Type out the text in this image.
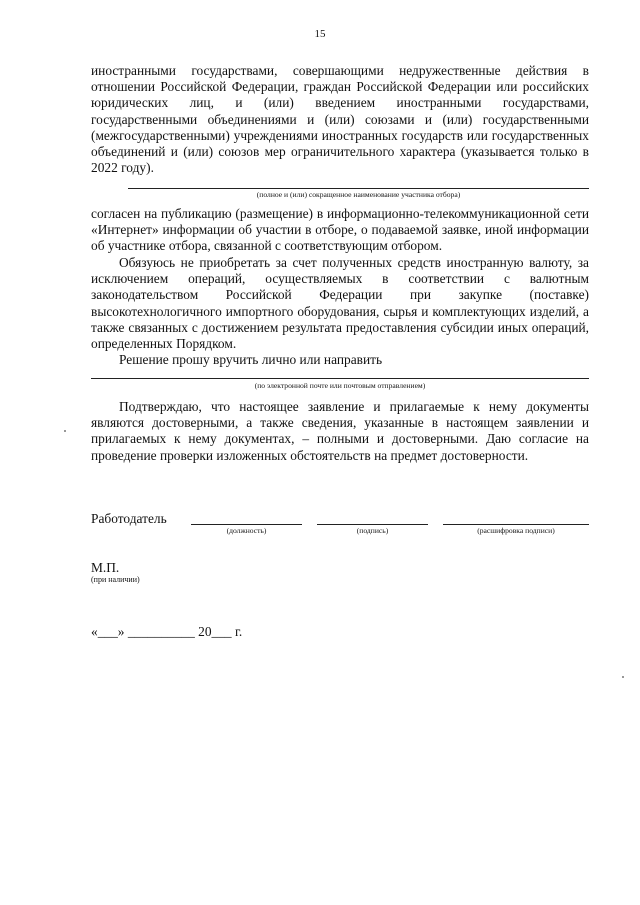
15

иностранными государствами, совершающими недружественные действия в отношении Российской Федерации, граждан Российской Федерации или российских юридических лиц, и (или) введением иностранными государствами, государственными объединениями и (или) союзами и (или) государственными (межгосударственными) учреждениями иностранных государств или государственных объединений и (или) союзов мер ограничительного характера (указывается только в 2022 году).

(полное и (или) сокращенное наименование участника отбора)

согласен на публикацию (размещение) в информационно-телекоммуникационной сети «Интернет» информации об участии в отборе, о подаваемой заявке, иной информации об участнике отбора, связанной с соответствующим отбором.

Обязуюсь не приобретать за счет полученных средств иностранную валюту, за исключением операций, осуществляемых в соответствии с валютным законодательством Российской Федерации при закупке (поставке) высокотехнологичного импортного оборудования, сырья и комплектующих изделий, а также связанных с достижением результата предоставления субсидии иных операций, определенных Порядком.

Решение прошу вручить лично или направить

(по электронной почте или почтовым отправлением)

Подтверждаю, что настоящее заявление и прилагаемые к нему документы являются достоверными, а также сведения, указанные в настоящем заявлении и прилагаемых к нему документах, – полными и достоверными. Даю согласие на проведение проверки изложенных обстоятельств на предмет достоверности.

Работодатель
(должность)	(подпись)	(расшифровка подписи)
М.П.
(при наличии)
«___» __________ 20___ г.
